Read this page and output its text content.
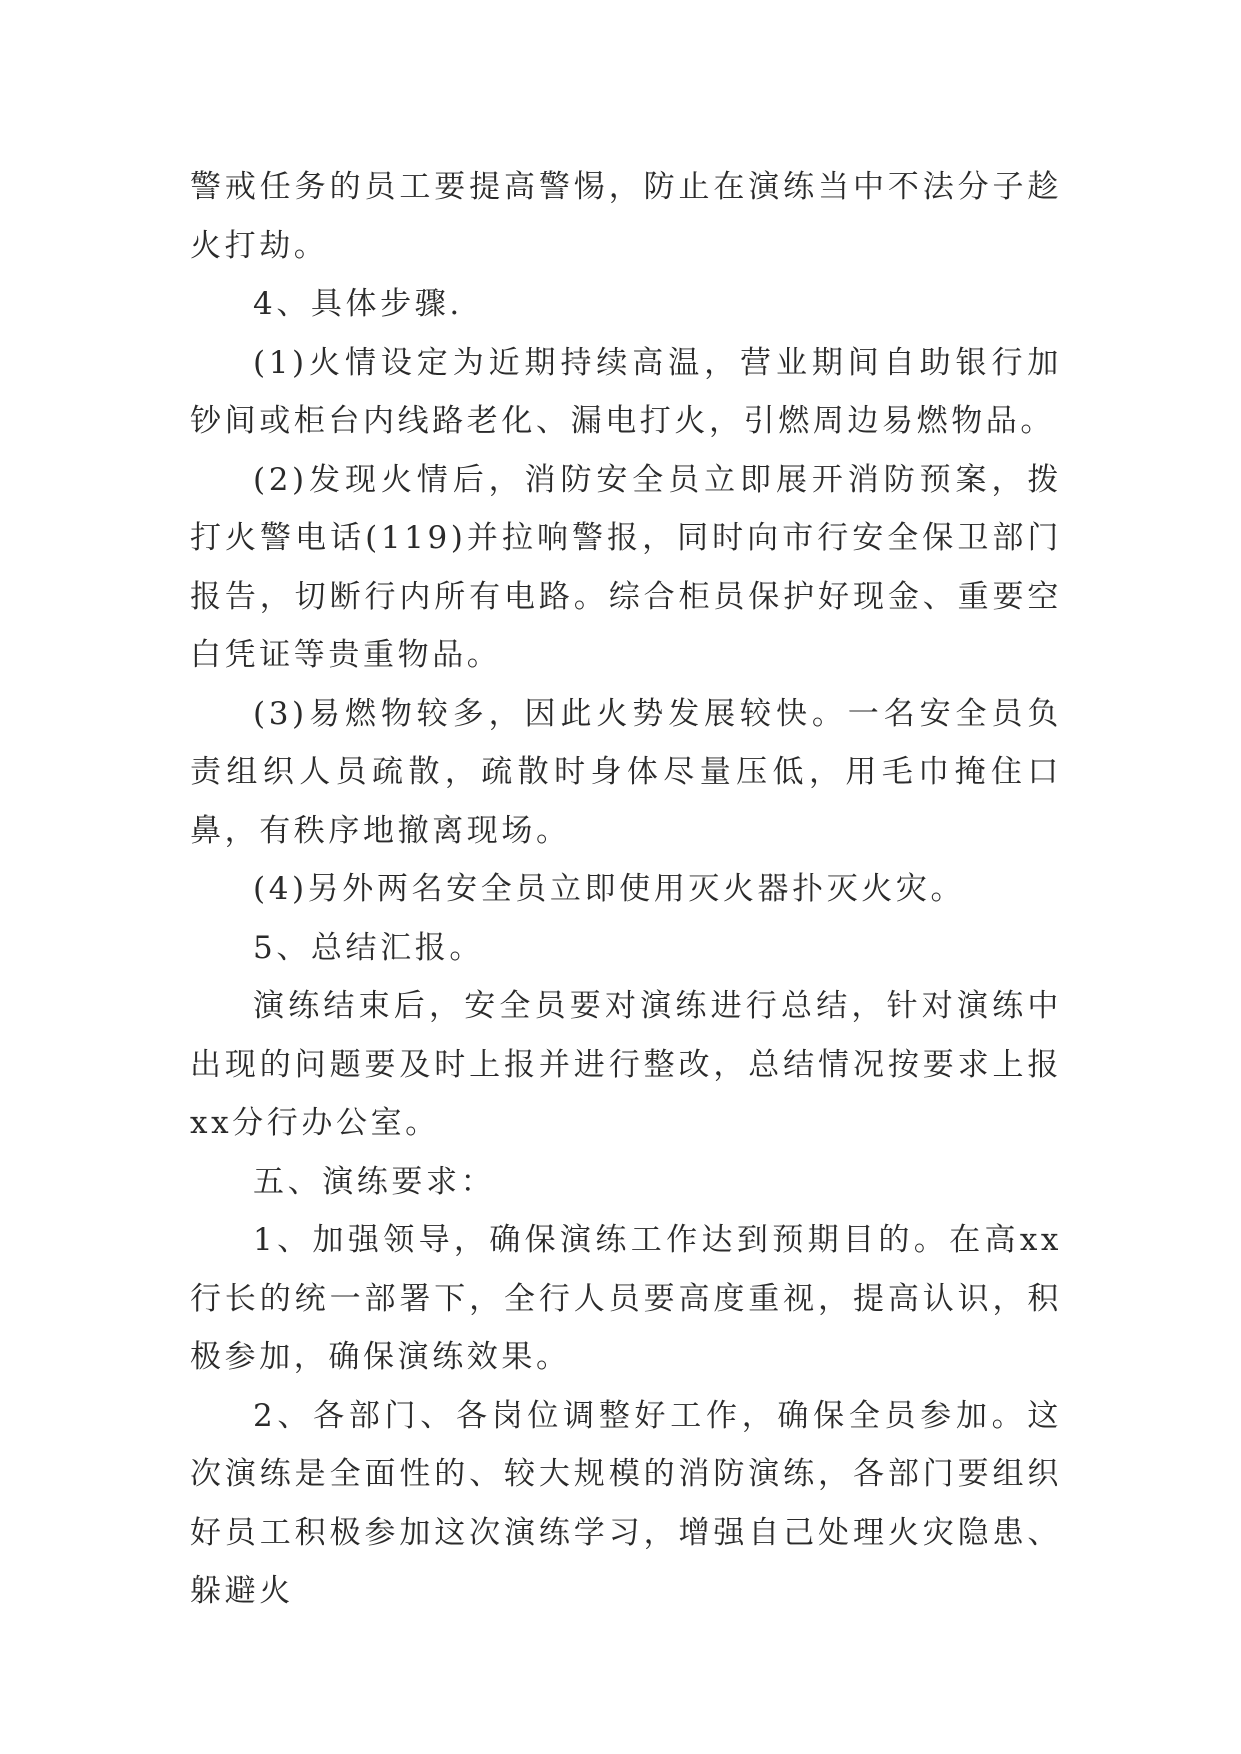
警戒任务的员工要提高警惕，防止在演练当中不法分子趁火打劫。

4、具体步骤.

(1)火情设定为近期持续高温，营业期间自助银行加钞间或柜台内线路老化、漏电打火，引燃周边易燃物品。

(2)发现火情后，消防安全员立即展开消防预案，拨打火警电话(119)并拉响警报，同时向市行安全保卫部门报告，切断行内所有电路。综合柜员保护好现金、重要空白凭证等贵重物品。

(3)易燃物较多，因此火势发展较快。一名安全员负责组织人员疏散，疏散时身体尽量压低，用毛巾掩住口鼻，有秩序地撤离现场。

(4)另外两名安全员立即使用灭火器扑灭火灾。

5、总结汇报。

演练结束后，安全员要对演练进行总结，针对演练中出现的问题要及时上报并进行整改，总结情况按要求上报xx分行办公室。

五、演练要求：

1、加强领导，确保演练工作达到预期目的。在高xx行长的统一部署下，全行人员要高度重视，提高认识，积极参加，确保演练效果。

2、各部门、各岗位调整好工作，确保全员参加。这次演练是全面性的、较大规模的消防演练，各部门要组织好员工积极参加这次演练学习，增强自己处理火灾隐患、躲避火
